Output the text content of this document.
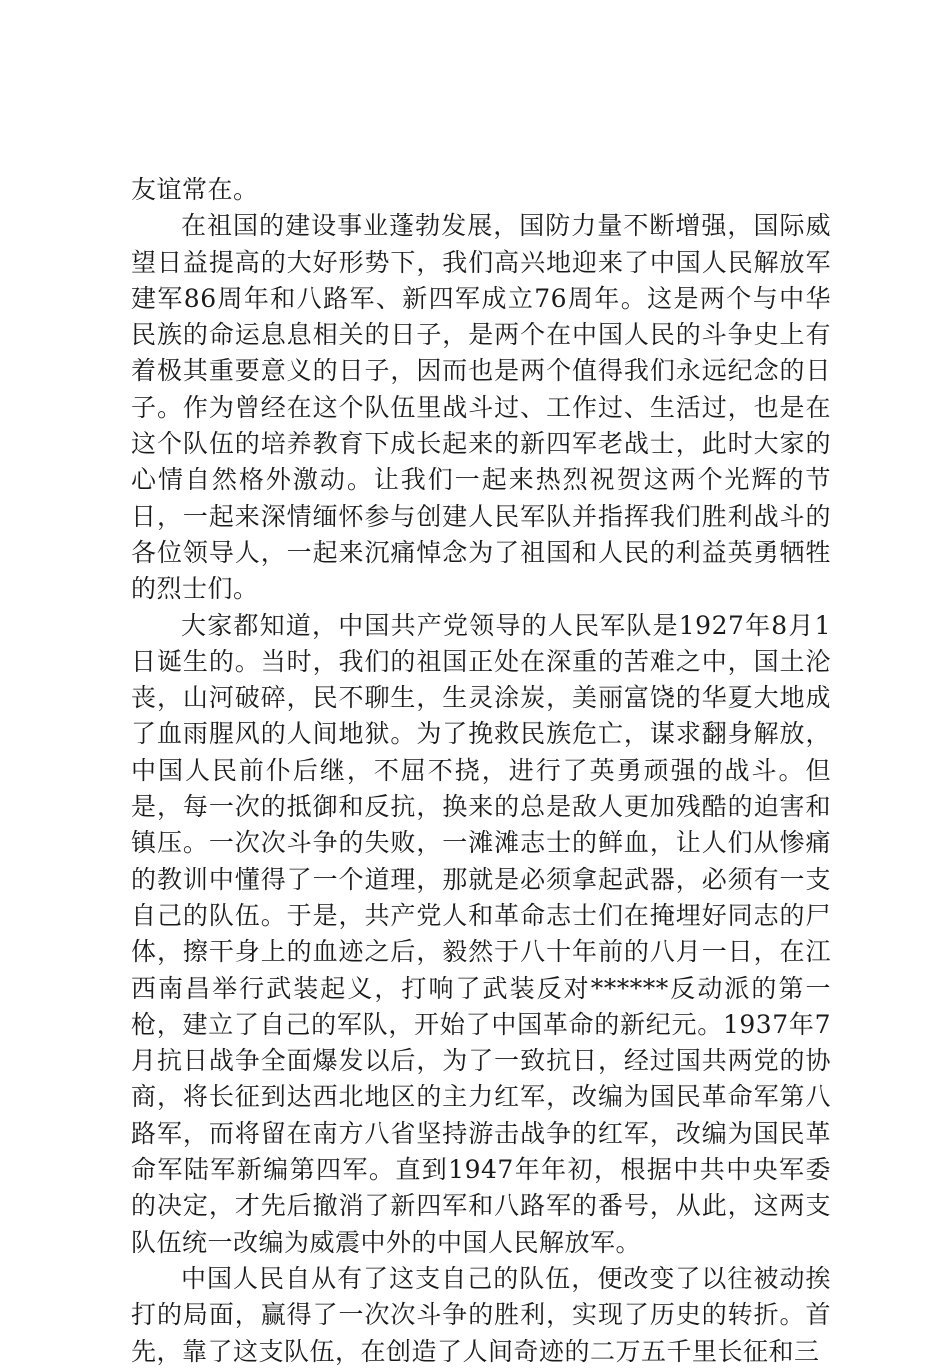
友谊常在。

在祖国的建设事业蓬勃发展，国防力量不断增强，国际威望日益提高的大好形势下，我们高兴地迎来了中国人民解放军建军86周年和八路军、新四军成立76周年。这是两个与中华民族的命运息息相关的日子，是两个在中国人民的斗争史上有着极其重要意义的日子，因而也是两个值得我们永远纪念的日子。作为曾经在这个队伍里战斗过、工作过、生活过，也是在这个队伍的培养教育下成长起来的新四军老战士，此时大家的心情自然格外激动。让我们一起来热烈祝贺这两个光辉的节日，一起来深情缅怀参与创建人民军队并指挥我们胜利战斗的各位领导人，一起来沉痛悼念为了祖国和人民的利益英勇牺牲的烈士们。

大家都知道，中国共产党领导的人民军队是1927年8月1日诞生的。当时，我们的祖国正处在深重的苦难之中，国土沦丧，山河破碎，民不聊生，生灵涂炭，美丽富饶的华夏大地成了血雨腥风的人间地狱。为了挽救民族危亡，谋求翻身解放，中国人民前仆后继，不屈不挠，进行了英勇顽强的战斗。但是，每一次的抵御和反抗，换来的总是敌人更加残酷的迫害和镇压。一次次斗争的失败，一滩滩志士的鲜血，让人们从惨痛的教训中懂得了一个道理，那就是必须拿起武器，必须有一支自己的队伍。于是，共产党人和革命志士们在掩埋好同志的尸体，擦干身上的血迹之后，毅然于八十年前的八月一日，在江西南昌举行武装起义，打响了武装反对******反动派的第一枪，建立了自己的军队，开始了中国革命的新纪元。1937年7月抗日战争全面爆发以后，为了一致抗日，经过国共两党的协商，将长征到达西北地区的主力红军，改编为国民革命军第八路军，而将留在南方八省坚持游击战争的红军，改编为国民革命军陆军新编第四军。直到1947年年初，根据中共中央军委的决定，才先后撤消了新四军和八路军的番号，从此，这两支队伍统一改编为威震中外的中国人民解放军。

中国人民自从有了这支自己的队伍，便改变了以往被动挨打的局面，赢得了一次次斗争的胜利，实现了历史的转折。首先，靠了这支队伍，在创造了人间奇迹的二万五千里长征和三
